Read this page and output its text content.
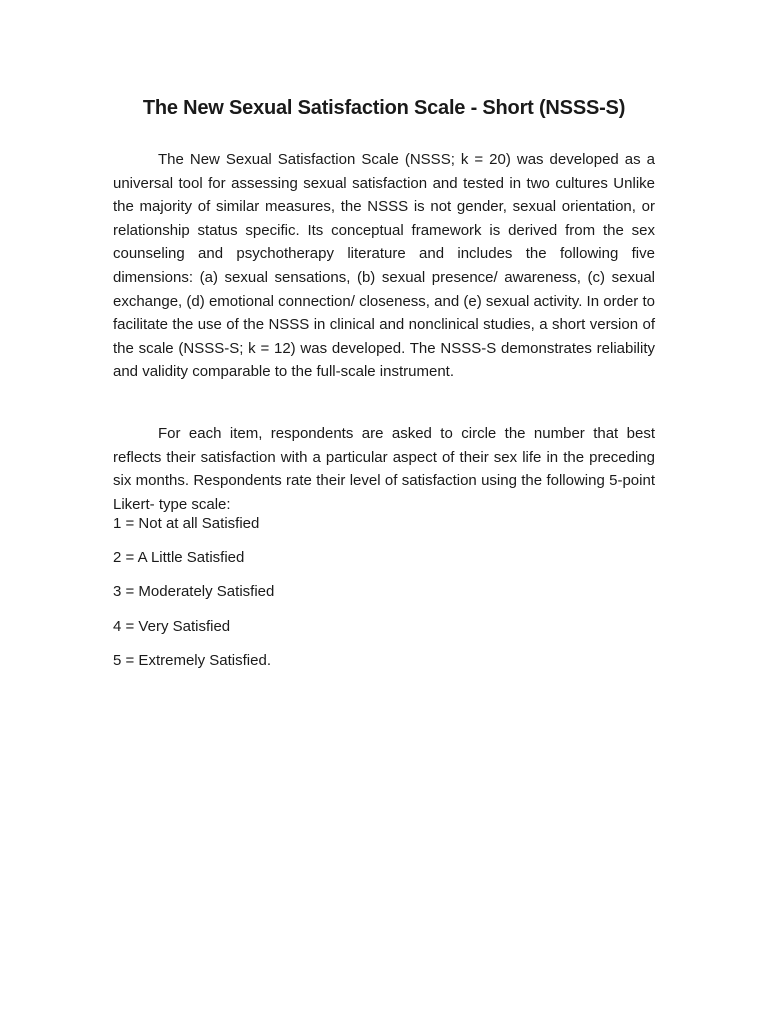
The New Sexual Satisfaction Scale - Short (NSSS-S)

The New Sexual Satisfaction Scale (NSSS; k = 20) was developed as a universal tool for assessing sexual satisfaction and tested in two cultures Unlike the majority of similar measures, the NSSS is not gender, sexual orientation, or relationship status specific. Its conceptual framework is derived from the sex counseling and psychotherapy literature and includes the following five dimensions: (a) sexual sensations, (b) sexual presence/ awareness, (c) sexual exchange, (d) emotional connection/ closeness, and (e) sexual activity. In order to facilitate the use of the NSSS in clinical and nonclinical studies, a short version of the scale (NSSS-S; k = 12) was developed. The NSSS-S demonstrates reliability and validity comparable to the full-scale instrument.

For each item, respondents are asked to circle the number that best reflects their satisfaction with a particular aspect of their sex life in the preceding six months. Respondents rate their level of satisfaction using the following 5-point Likert- type scale:

1 = Not at all Satisfied
2 = A Little Satisfied
3 = Moderately Satisfied
4 = Very Satisfied
5 = Extremely Satisfied.
